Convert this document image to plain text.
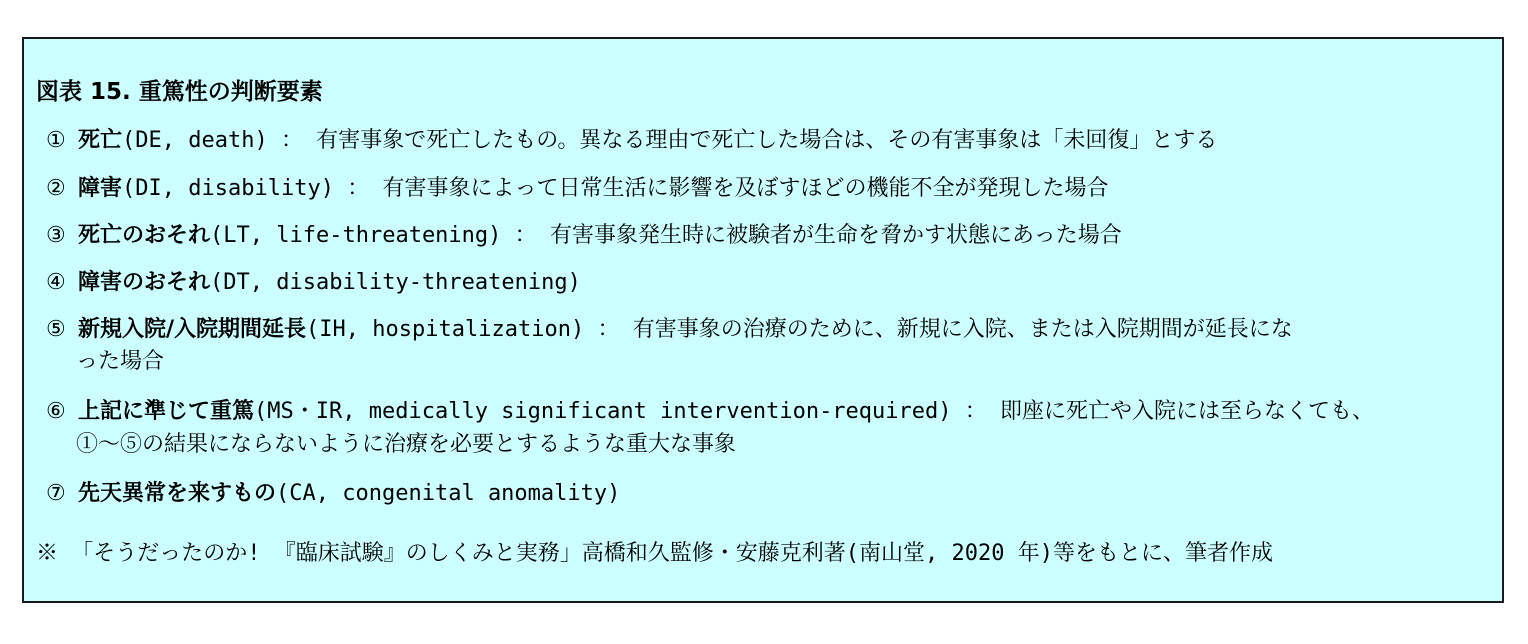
図表 15. 重篤性の判断要素
① 死亡(DE, death) ： 有害事象で死亡したもの。異なる理由で死亡した場合は、その有害事象は「未回復」とする
② 障害(DI, disability) ： 有害事象によって日常生活に影響を及ぼすほどの機能不全が発現した場合
③ 死亡のおそれ(LT, life-threatening) ： 有害事象発生時に被験者が生命を脅かす状態にあった場合
④ 障害のおそれ(DT, disability-threatening)
⑤ 新規入院/入院期間延長(IH, hospitalization) ： 有害事象の治療のために、新規に入院、または入院期間が延長にな
った場合
⑥ 上記に準じて重篤(MS・IR, medically significant intervention-required) ： 即座に死亡や入院には至らなくても、
①～⑤の結果にならないように治療を必要とするような重大な事象
⑦ 先天異常を来すもの(CA, congenital anomality)
※ 「そうだったのか! 『臨床試験』のしくみと実務」高橋和久監修・安藤克利著(南山堂, 2020 年)等をもとに、筆者作成
